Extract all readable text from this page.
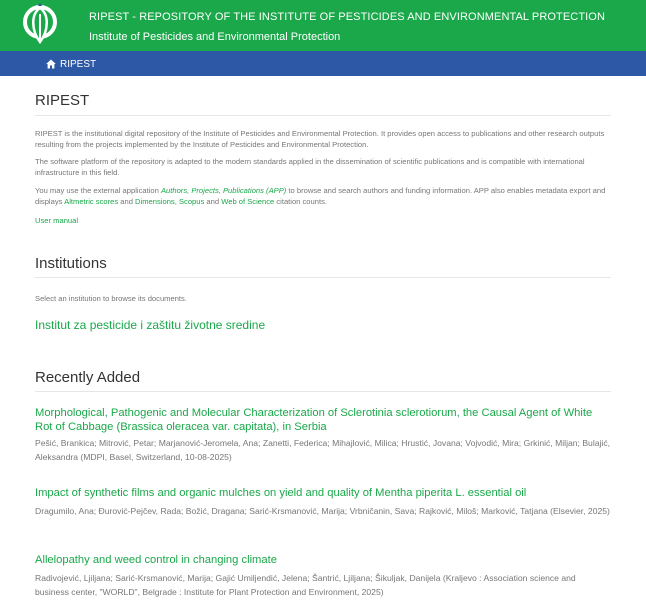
RIPEST - REPOSITORY OF THE INSTITUTE OF PESTICIDES AND ENVIRONMENTAL PROTECTION
Institute of Pesticides and Environmental Protection
RIPEST
RIPEST

RIPEST is the institutional digital repository of the Institute of Pesticides and Environmental Protection. It provides open access to publications and other research outputs resulting from the projects implemented by the Institute of Pesticides and Environmental Protection.

The software platform of the repository is adapted to the modern standards applied in the dissemination of scientific publications and is compatible with international infrastructure in this field.

You may use the external application Authors, Projects, Publications (APP) to browse and search authors and funding information. APP also enables metadata export and displays Altmetric scores and Dimensions, Scopus and Web of Science citation counts.

User manual
Institutions
Select an institution to browse its documents.
Institut za pesticide i zaštitu životne sredine
Recently Added
Morphological, Pathogenic and Molecular Characterization of Sclerotinia sclerotiorum, the Causal Agent of White Rot of Cabbage (Brassica oleracea var. capitata), in Serbia
Pešić, Brankica; Mitrović, Petar; Marjanović-Jeromela, Ana; Zanetti, Federica; Mihajlović, Milica; Hrustić, Jovana; Vojvodić, Mira; Grkinić, Miljan; Bulajić, Aleksandra (MDPI, Basel, Switzerland, 10-08-2025)
Impact of synthetic films and organic mulches on yield and quality of Mentha piperita L. essential oil
Dragumilo, Ana; Đurović-Pejčev, Rada; Božić, Dragana; Sarić-Krsmanović, Marija; Vrbničanin, Sava; Rajković, Miloš; Marković, Tatjana (Elsevier, 2025)
Allelopathy and weed control in changing climate
Radivojević, Ljiljana; Sarić-Krsmanović, Marija; Gajić Umiljendić, Jelena; Šantrić, Ljiljana; Šikuljak, Danijela (Kraljevo : Association science and business center, "WORLD", Belgrade : Institute for Plant Protection and Environment, 2025)
